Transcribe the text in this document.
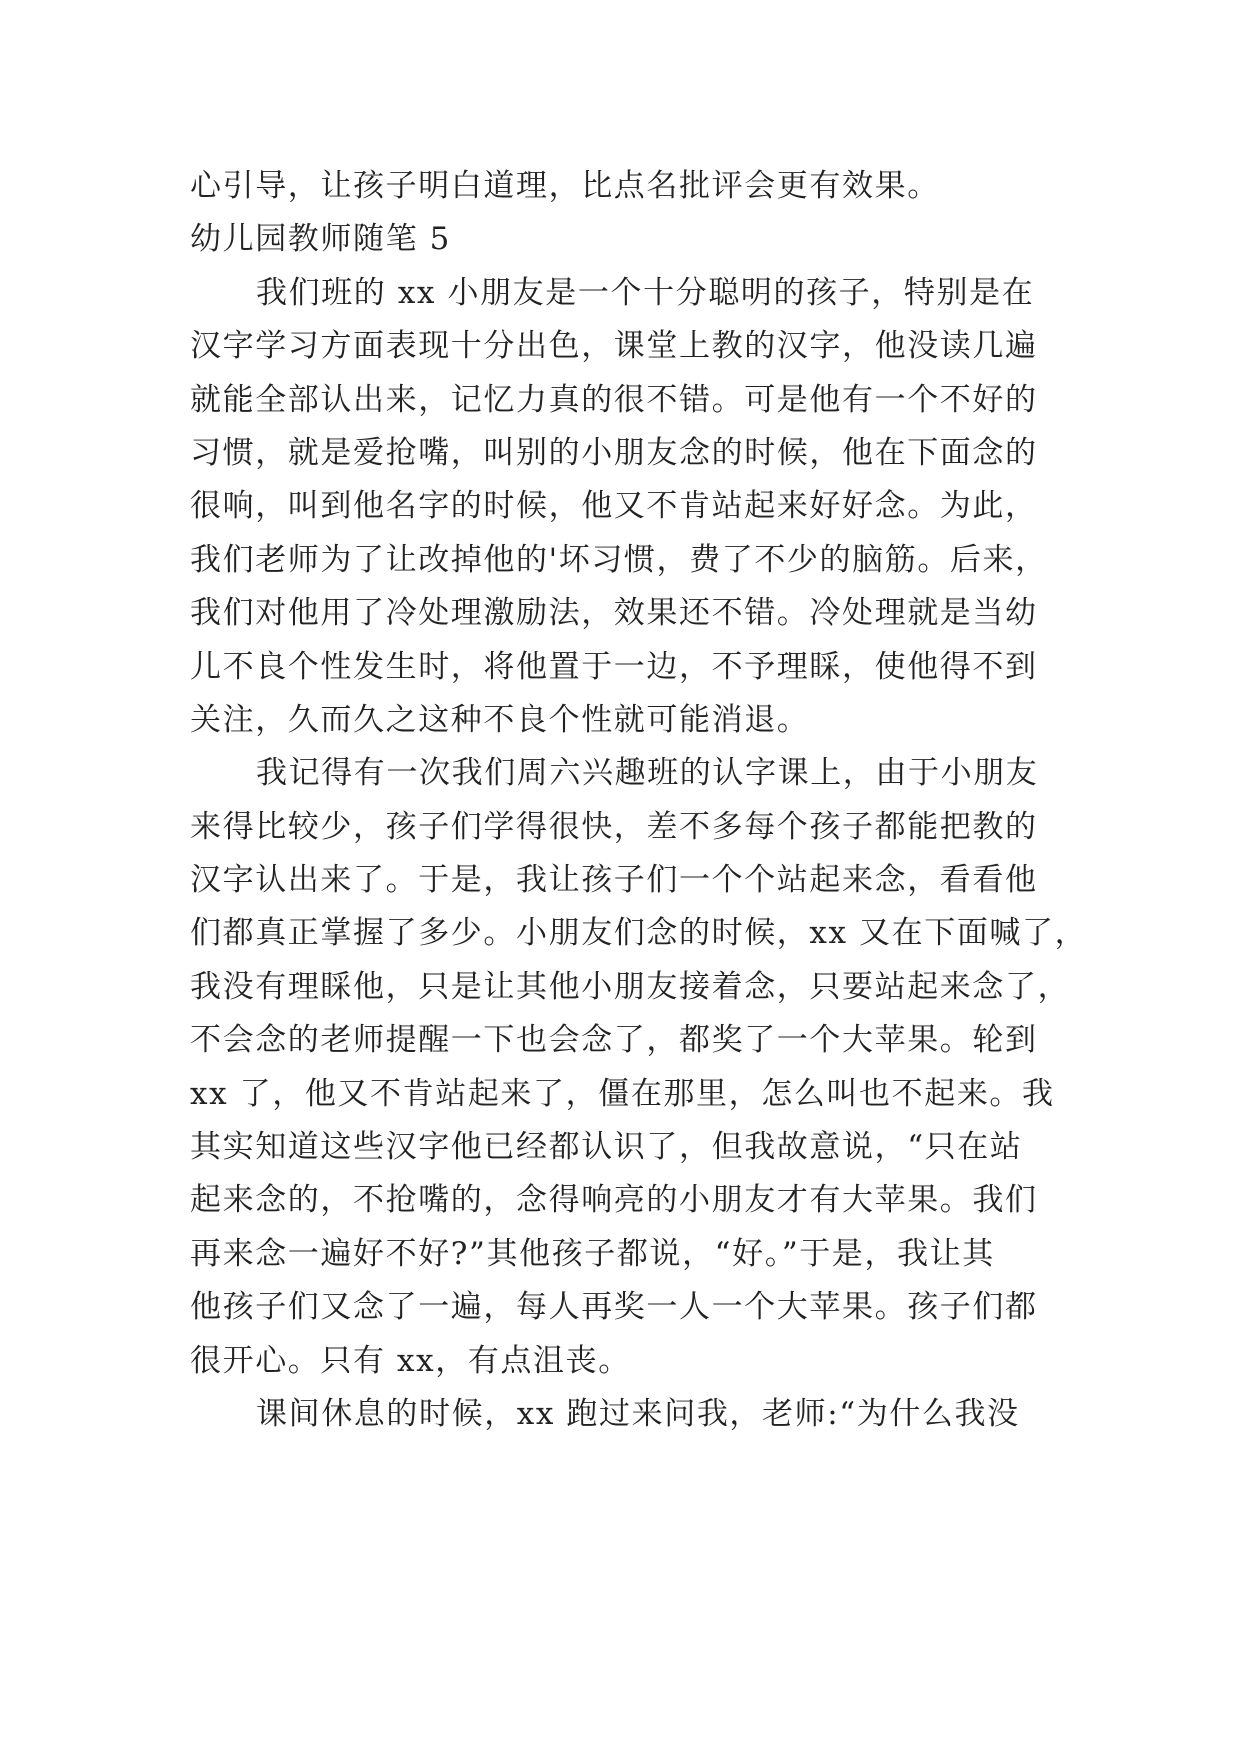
心引导，让孩子明白道理，比点名批评会更有效果。
幼儿园教师随笔 5
我们班的 xx 小朋友是一个十分聪明的孩子，特别是在
汉字学习方面表现十分出色，课堂上教的汉字，他没读几遍
就能全部认出来，记忆力真的很不错。可是他有一个不好的
习惯，就是爱抢嘴，叫别的小朋友念的时候，他在下面念的
很响，叫到他名字的时候，他又不肯站起来好好念。为此，
我们老师为了让改掉他的'坏习惯，费了不少的脑筋。后来，
我们对他用了冷处理激励法，效果还不错。冷处理就是当幼
儿不良个性发生时，将他置于一边，不予理睬，使他得不到
关注，久而久之这种不良个性就可能消退。
我记得有一次我们周六兴趣班的认字课上，由于小朋友
来得比较少，孩子们学得很快，差不多每个孩子都能把教的
汉字认出来了。于是，我让孩子们一个个站起来念，看看他
们都真正掌握了多少。小朋友们念的时候，xx 又在下面喊了，
我没有理睬他，只是让其他小朋友接着念，只要站起来念了，
不会念的老师提醒一下也会念了，都奖了一个大苹果。轮到
xx 了，他又不肯站起来了，僵在那里，怎么叫也不起来。我
其实知道这些汉字他已经都认识了，但我故意说，“只在站
起来念的，不抢嘴的，念得响亮的小朋友才有大苹果。我们
再来念一遍好不好?”其他孩子都说，“好。”于是，我让其
他孩子们又念了一遍，每人再奖一人一个大苹果。孩子们都
很开心。只有 xx，有点沮丧。
课间休息的时候，xx 跑过来问我，老师:“为什么我没
